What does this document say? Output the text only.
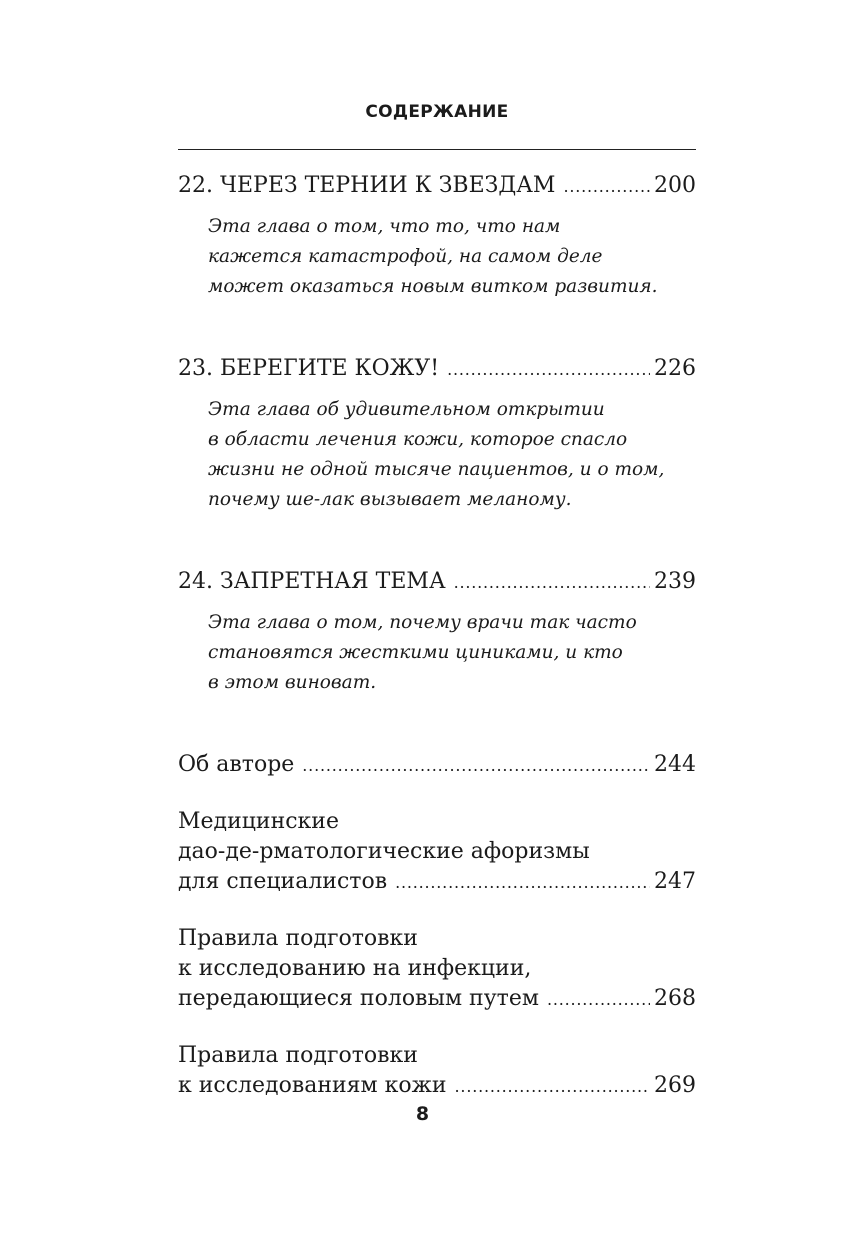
СОДЕРЖАНИЕ
22. ЧЕРЕЗ ТЕРНИИ К ЗВЕЗДАМ .....	200
Эта глава о том, что то, что нам
кажется катастрофой, на самом деле
может оказаться новым витком развития.
23. БЕРЕГИТЕ КОЖУ! .....	226
Эта глава об удивительном открытии
в области лечения кожи, которое спасло
жизни не одной тысяче пациентов, и о том,
почему ше-лак вызывает меланому.
24. ЗАПРЕТНАЯ ТЕМА .....	239
Эта глава о том, почему врачи так часто
становятся жесткими циниками, и кто
в этом виноват.
Об авторе .....	244
Медицинские
дао-де-рматологические афоризмы
для специалистов .....	247
Правила подготовки
к исследованию на инфекции,
передающиеся половым путем .....	268
Правила подготовки
к исследованиям кожи .....	269
8
